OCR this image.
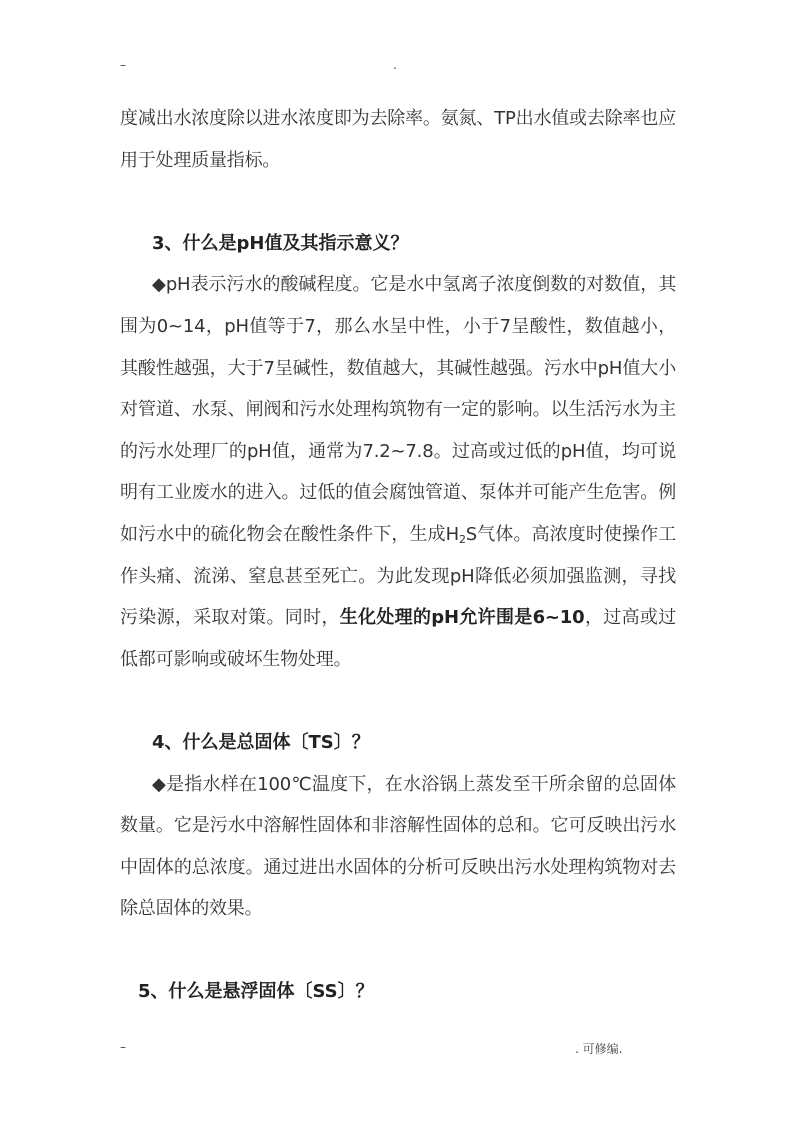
–	.

度减出水浓度除以进水浓度即为去除率。氨氮、TP出水值或去除率也应用于处理质量指标。

3、什么是pH值及其指示意义？

◆pH表示污水的酸碱程度。它是水中氢离子浓度倒数的对数值，其围为0~14，pH值等于7，那么水呈中性，小于7呈酸性，数值越小，其酸性越强，大于7呈碱性，数值越大，其碱性越强。污水中pH值大小对管道、水泵、闸阀和污水处理构筑物有一定的影响。以生活污水为主的污水处理厂的pH值，通常为7.2~7.8。过高或过低的pH值，均可说明有工业废水的进入。过低的值会腐蚀管道、泵体并可能产生危害。例如污水中的硫化物会在酸性条件下，生成$H_2S$气体。高浓度时使操作工作头痛、流涕、窒息甚至死亡。为此发现pH降低必须加强监测，寻找污染源，采取对策。同时，生化处理的pH允许围是6~10，过高或过低都可影响或破坏生物处理。

4、什么是总固体〔TS〕？

◆是指水样在100℃温度下，在水浴锅上蒸发至干所余留的总固体数量。它是污水中溶解性固体和非溶解性固体的总和。它可反映出污水中固体的总浓度。通过进出水固体的分析可反映出污水处理构筑物对去除总固体的效果。

5、什么是悬浮固体〔SS〕？

–	. 可修编.
